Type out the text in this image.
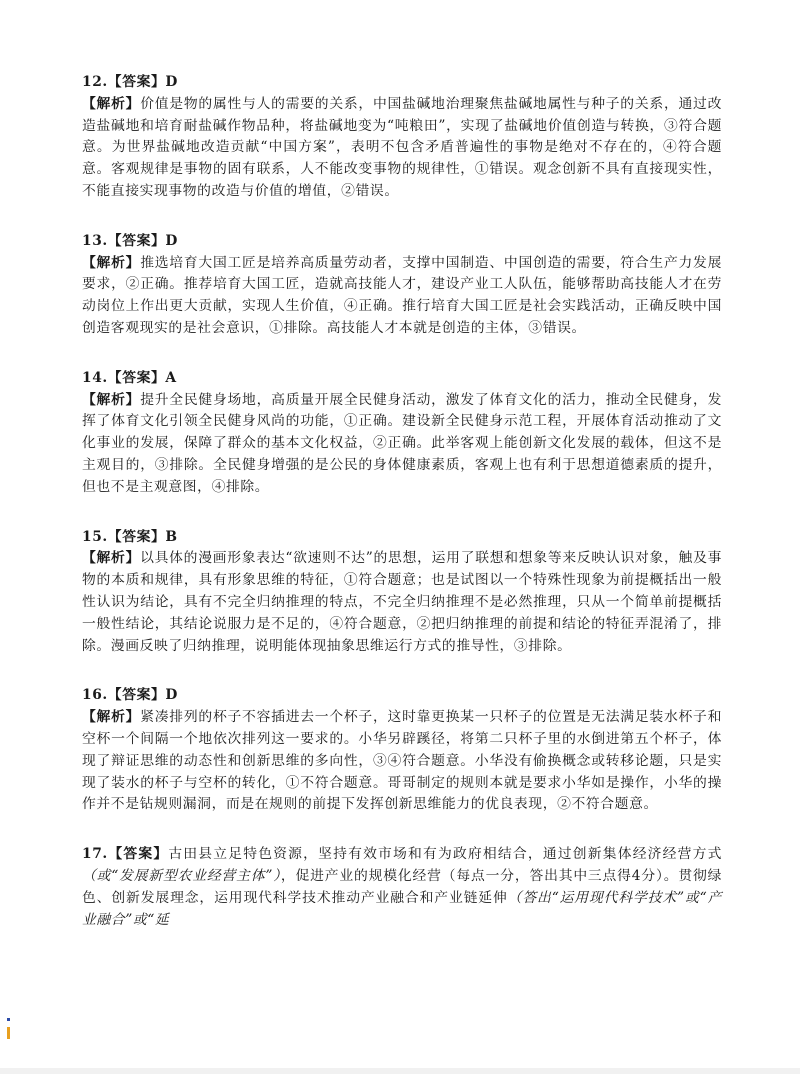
12.【答案】D

【解析】价值是物的属性与人的需要的关系，中国盐碱地治理聚焦盐碱地属性与种子的关系，通过改造盐碱地和培育耐盐碱作物品种，将盐碱地变为“吨粮田”，实现了盐碱地价值创造与转换，③符合题意。为世界盐碱地改造贡献“中国方案”，表明不包含矛盾普遍性的事物是绝对不存在的，④符合题意。客观规律是事物的固有联系，人不能改变事物的规律性，①错误。观念创新不具有直接现实性，不能直接实现事物的改造与价值的增值，②错误。

13.【答案】D

【解析】推选培育大国工匠是培养高质量劳动者，支撑中国制造、中国创造的需要，符合生产力发展要求，②正确。推荐培育大国工匠，造就高技能人才，建设产业工人队伍，能够帮助高技能人才在劳动岗位上作出更大贡献，实现人生价值，④正确。推行培育大国工匠是社会实践活动，正确反映中国创造客观现实的是社会意识，①排除。高技能人才本就是创造的主体，③错误。

14.【答案】A

【解析】提升全民健身场地，高质量开展全民健身活动，激发了体育文化的活力，推动全民健身，发挥了体育文化引领全民健身风尚的功能，①正确。建设新全民健身示范工程，开展体育活动推动了文化事业的发展，保障了群众的基本文化权益，②正确。此举客观上能创新文化发展的载体，但这不是主观目的，③排除。全民健身增强的是公民的身体健康素质，客观上也有利于思想道德素质的提升，但也不是主观意图，④排除。

15.【答案】B

【解析】以具体的漫画形象表达“欲速则不达”的思想，运用了联想和想象等来反映认识对象，触及事物的本质和规律，具有形象思维的特征，①符合题意；也是试图以一个特殊性现象为前提概括出一般性认识为结论，具有不完全归纳推理的特点，不完全归纳推理不是必然推理，只从一个简单前提概括一般性结论，其结论说服力是不足的，④符合题意，②把归纳推理的前提和结论的特征弄混淆了，排除。漫画反映了归纳推理，说明能体现抽象思维运行方式的推导性，③排除。

16.【答案】D

【解析】紧凑排列的杯子不容插进去一个杯子，这时靠更换某一只杯子的位置是无法满足装水杯子和空杯一个间隔一个地依次排列这一要求的。小华另辟蹊径，将第二只杯子里的水倒进第五个杯子，体现了辩证思维的动态性和创新思维的多向性，③④符合题意。小华没有偷换概念或转移论题，只是实现了装水的杯子与空杯的转化，①不符合题意。哥哥制定的规则本就是要求小华如是操作，小华的操作并不是钻规则漏洞，而是在规则的前提下发挥创新思维能力的优良表现，②不符合题意。

17.【答案】古田县立足特色资源，坚持有效市场和有为政府相结合，通过创新集体经济经营方式（或“发展新型农业经营主体”），促进产业的规模化经营（每点一分，答出其中三点得4分）。贯彻绿色、创新发展理念，运用现代科学技术推动产业融合和产业链延伸（答出“运用现代科学技术”或“产业融合”或“延
